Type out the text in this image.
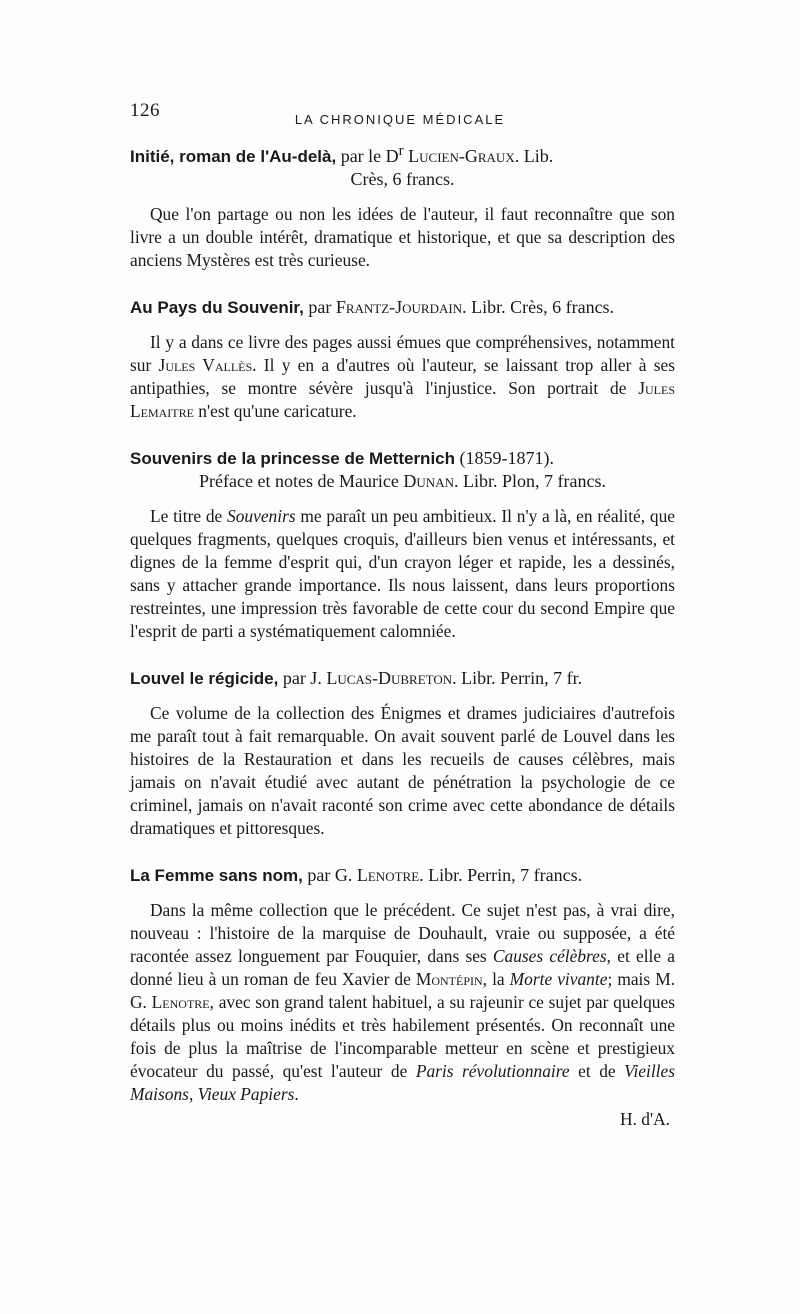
126	LA CHRONIQUE MÉDICALE

Initié, roman de l'Au-delà, par le $D^r$ Lucien-Graux. Lib.
Crès, 6 francs.

Que l'on partage ou non les idées de l'auteur, il faut reconnaître que son livre a un double intérêt, dramatique et historique, et que sa description des anciens Mystères est très curieuse.

Au Pays du Souvenir, par Frantz-Jourdain. Libr. Crès, 6 francs.

Il y a dans ce livre des pages aussi émues que compréhensives, notamment sur Jules Vallès. Il y en a d'autres où l'auteur, se laissant trop aller à ses antipathies, se montre sévère jusqu'à l'injustice. Son portrait de Jules Lemaitre n'est qu'une caricature.

Souvenirs de la princesse de Metternich (1859-1871).
Préface et notes de Maurice Dunan. Libr. Plon, 7 francs.

Le titre de Souvenirs me paraît un peu ambitieux. Il n'y a là, en réalité, que quelques fragments, quelques croquis, d'ailleurs bien venus et intéressants, et dignes de la femme d'esprit qui, d'un crayon léger et rapide, les a dessinés, sans y attacher grande importance. Ils nous laissent, dans leurs proportions restreintes, une impression très favorable de cette cour du second Empire que l'esprit de parti a systématiquement calomniée.

Louvel le régicide, par J. Lucas-Dubreton. Libr. Perrin, 7 fr.

Ce volume de la collection des Énigmes et drames judiciaires d'autrefois me paraît tout à fait remarquable. On avait souvent parlé de Louvel dans les histoires de la Restauration et dans les recueils de causes célèbres, mais jamais on n'avait étudié avec autant de pénétration la psychologie de ce criminel, jamais on n'avait raconté son crime avec cette abondance de détails dramatiques et pittoresques.

La Femme sans nom, par G. Lenotre. Libr. Perrin, 7 francs.

Dans la même collection que le précédent. Ce sujet n'est pas, à vrai dire, nouveau : l'histoire de la marquise de Douhault, vraie ou supposée, a été racontée assez longuement par Fouquier, dans ses Causes célèbres, et elle a donné lieu à un roman de feu Xavier de Montépin, la Morte vivante; mais M. G. Lenotre, avec son grand talent habituel, a su rajeunir ce sujet par quelques détails plus ou moins inédits et très habilement présentés. On reconnaît une fois de plus la maîtrise de l'incomparable metteur en scène et prestigieux évocateur du passé, qu'est l'auteur de Paris révolutionnaire et de Vieilles Maisons, Vieux Papiers.

H. d'A.
